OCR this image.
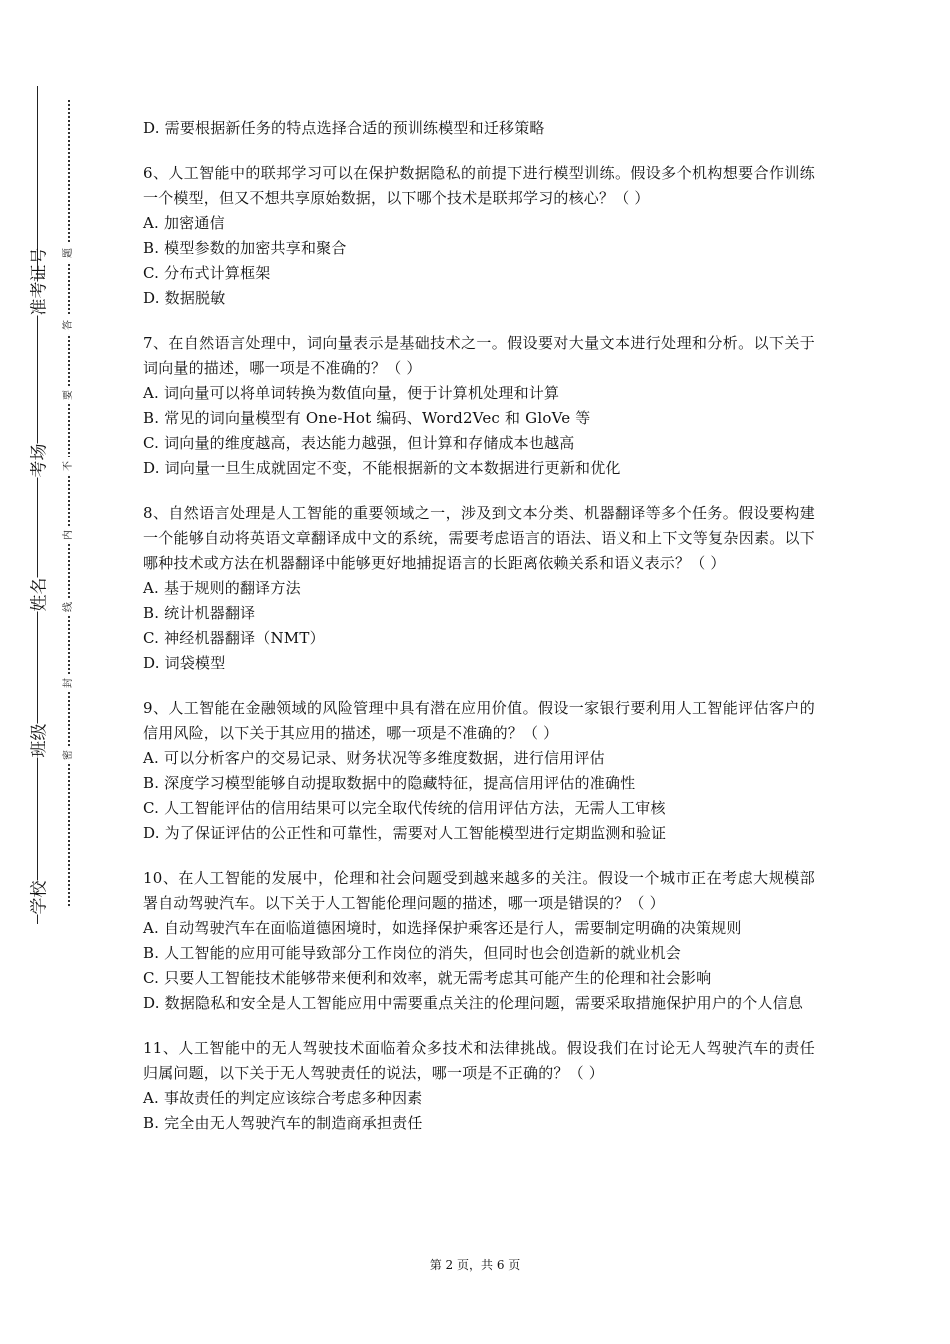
学校
班级
姓名
考场
准考证号
密
封
线
内
不
要
答
题
D. 需要根据新任务的特点选择合适的预训练模型和迁移策略
6、人工智能中的联邦学习可以在保护数据隐私的前提下进行模型训练。假设多个机构想要合作训练一个模型，但又不想共享原始数据，以下哪个技术是联邦学习的核心？（ ）
A. 加密通信
B. 模型参数的加密共享和聚合
C. 分布式计算框架
D. 数据脱敏
7、在自然语言处理中，词向量表示是基础技术之一。假设要对大量文本进行处理和分析。以下关于词向量的描述，哪一项是不准确的？（ ）
A. 词向量可以将单词转换为数值向量，便于计算机处理和计算
B. 常见的词向量模型有 One-Hot 编码、Word2Vec 和 GloVe 等
C. 词向量的维度越高，表达能力越强，但计算和存储成本也越高
D. 词向量一旦生成就固定不变，不能根据新的文本数据进行更新和优化
8、自然语言处理是人工智能的重要领域之一，涉及到文本分类、机器翻译等多个任务。假设要构建一个能够自动将英语文章翻译成中文的系统，需要考虑语言的语法、语义和上下文等复杂因素。以下哪种技术或方法在机器翻译中能够更好地捕捉语言的长距离依赖关系和语义表示？（ ）
A. 基于规则的翻译方法
B. 统计机器翻译
C. 神经机器翻译（NMT）
D. 词袋模型
9、人工智能在金融领域的风险管理中具有潜在应用价值。假设一家银行要利用人工智能评估客户的信用风险，以下关于其应用的描述，哪一项是不准确的？（ ）
A. 可以分析客户的交易记录、财务状况等多维度数据，进行信用评估
B. 深度学习模型能够自动提取数据中的隐藏特征，提高信用评估的准确性
C. 人工智能评估的信用结果可以完全取代传统的信用评估方法，无需人工审核
D. 为了保证评估的公正性和可靠性，需要对人工智能模型进行定期监测和验证
10、在人工智能的发展中，伦理和社会问题受到越来越多的关注。假设一个城市正在考虑大规模部署自动驾驶汽车。以下关于人工智能伦理问题的描述，哪一项是错误的？（ ）
A. 自动驾驶汽车在面临道德困境时，如选择保护乘客还是行人，需要制定明确的决策规则
B. 人工智能的应用可能导致部分工作岗位的消失，但同时也会创造新的就业机会
C. 只要人工智能技术能够带来便利和效率，就无需考虑其可能产生的伦理和社会影响
D. 数据隐私和安全是人工智能应用中需要重点关注的伦理问题，需要采取措施保护用户的个人信息
11、人工智能中的无人驾驶技术面临着众多技术和法律挑战。假设我们在讨论无人驾驶汽车的责任归属问题，以下关于无人驾驶责任的说法，哪一项是不正确的？（ ）
A. 事故责任的判定应该综合考虑多种因素
B. 完全由无人驾驶汽车的制造商承担责任
第 2 页，共 6 页
